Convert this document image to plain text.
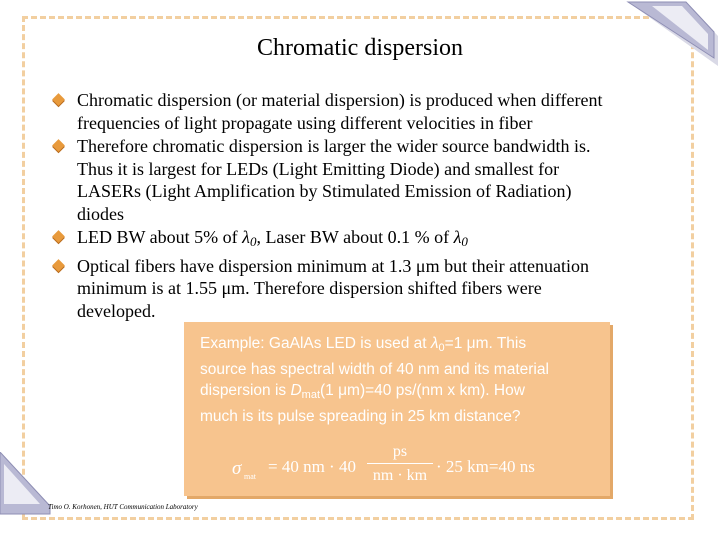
Chromatic dispersion
Chromatic dispersion (or material dispersion) is produced when different
frequencies of light propagate using different velocities in fiber
Therefore chromatic dispersion is larger the wider source bandwidth is.
Thus it is largest for LEDs (Light Emitting Diode) and smallest for
LASERs (Light Amplification by Stimulated Emission of Radiation)
diodes
LED BW about 5% of $\lambda_0$, Laser BW about 0.1 % of $\lambda_0$
Optical fibers have dispersion minimum at 1.3 μm but their attenuation
minimum is at 1.55 μm. Therefore dispersion shifted fibers were
developed.
Example: GaAlAs LED is used at λ0=1 μm. This
source has spectral width of 40 nm and its material
dispersion is Dmat(1 μm)=40 ps/(nm x km). How
much is its pulse spreading in 25 km distance?
σ mat
= 40 nm · 40
ps
nm · km · 25 km=40 ns
Timo O. Korhonen, HUT Communication Laboratory
